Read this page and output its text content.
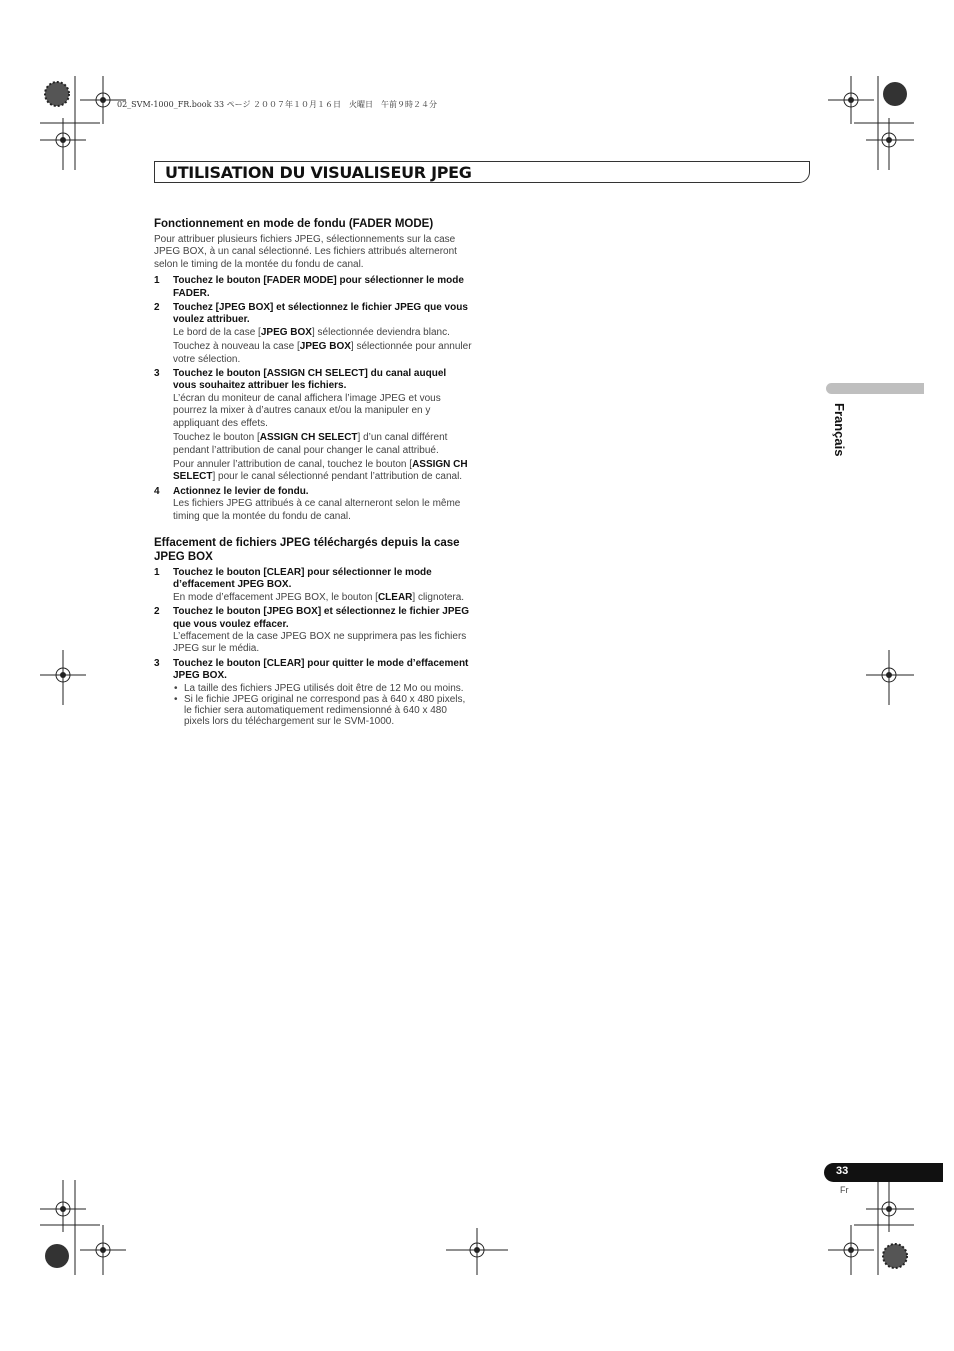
02_SVM-1000_FR.book 33 ページ ２００７年１０月１６日　火曜日　午前９時２４分
UTILISATION DU VISUALISEUR JPEG
Français
Fonctionnement en mode de fondu (FADER MODE)
Pour attribuer plusieurs fichiers JPEG, sélectionnements sur la case JPEG BOX, à un canal sélectionné. Les fichiers attribués alterneront selon le timing de la montée du fondu de canal.
1	Touchez le bouton [FADER MODE] pour sélectionner le mode FADER.
2	Touchez [JPEG BOX] et sélectionnez le fichier JPEG que vous voulez attribuer.
Le bord de la case [JPEG BOX] sélectionnée deviendra blanc.
Touchez à nouveau la case [JPEG BOX] sélectionnée pour annuler votre sélection.
3	Touchez le bouton [ASSIGN CH SELECT] du canal auquel vous souhaitez attribuer les fichiers.
L’écran du moniteur de canal affichera l’image JPEG et vous pourrez la mixer à d’autres canaux et/ou la manipuler en y appliquant des effets.
Touchez le bouton [ASSIGN CH SELECT] d’un canal différent pendant l’attribution de canal pour changer le canal attribué.
Pour annuler l’attribution de canal, touchez le bouton [ASSIGN CH SELECT] pour le canal sélectionné pendant l’attribution de canal.
4	Actionnez le levier de fondu.
Les fichiers JPEG attribués à ce canal alterneront selon le même timing que la montée du fondu de canal.
Effacement de fichiers JPEG téléchargés depuis la case JPEG BOX
1	Touchez le bouton [CLEAR] pour sélectionner le mode d’effacement JPEG BOX.
En mode d’effacement JPEG BOX, le bouton [CLEAR] clignotera.
2	Touchez le bouton [JPEG BOX] et sélectionnez le fichier JPEG que vous voulez effacer.
L’effacement de la case JPEG BOX ne supprimera pas les fichiers JPEG sur le média.
3	Touchez le bouton [CLEAR] pour quitter le mode d’effacement JPEG BOX.
• La taille des fichiers JPEG utilisés doit être de 12 Mo ou moins.
• Si le fichie JPEG original ne correspond pas à 640 x 480 pixels, le fichier sera automatiquement redimensionné à 640 x 480 pixels lors du téléchargement sur le SVM-1000.
33
Fr
